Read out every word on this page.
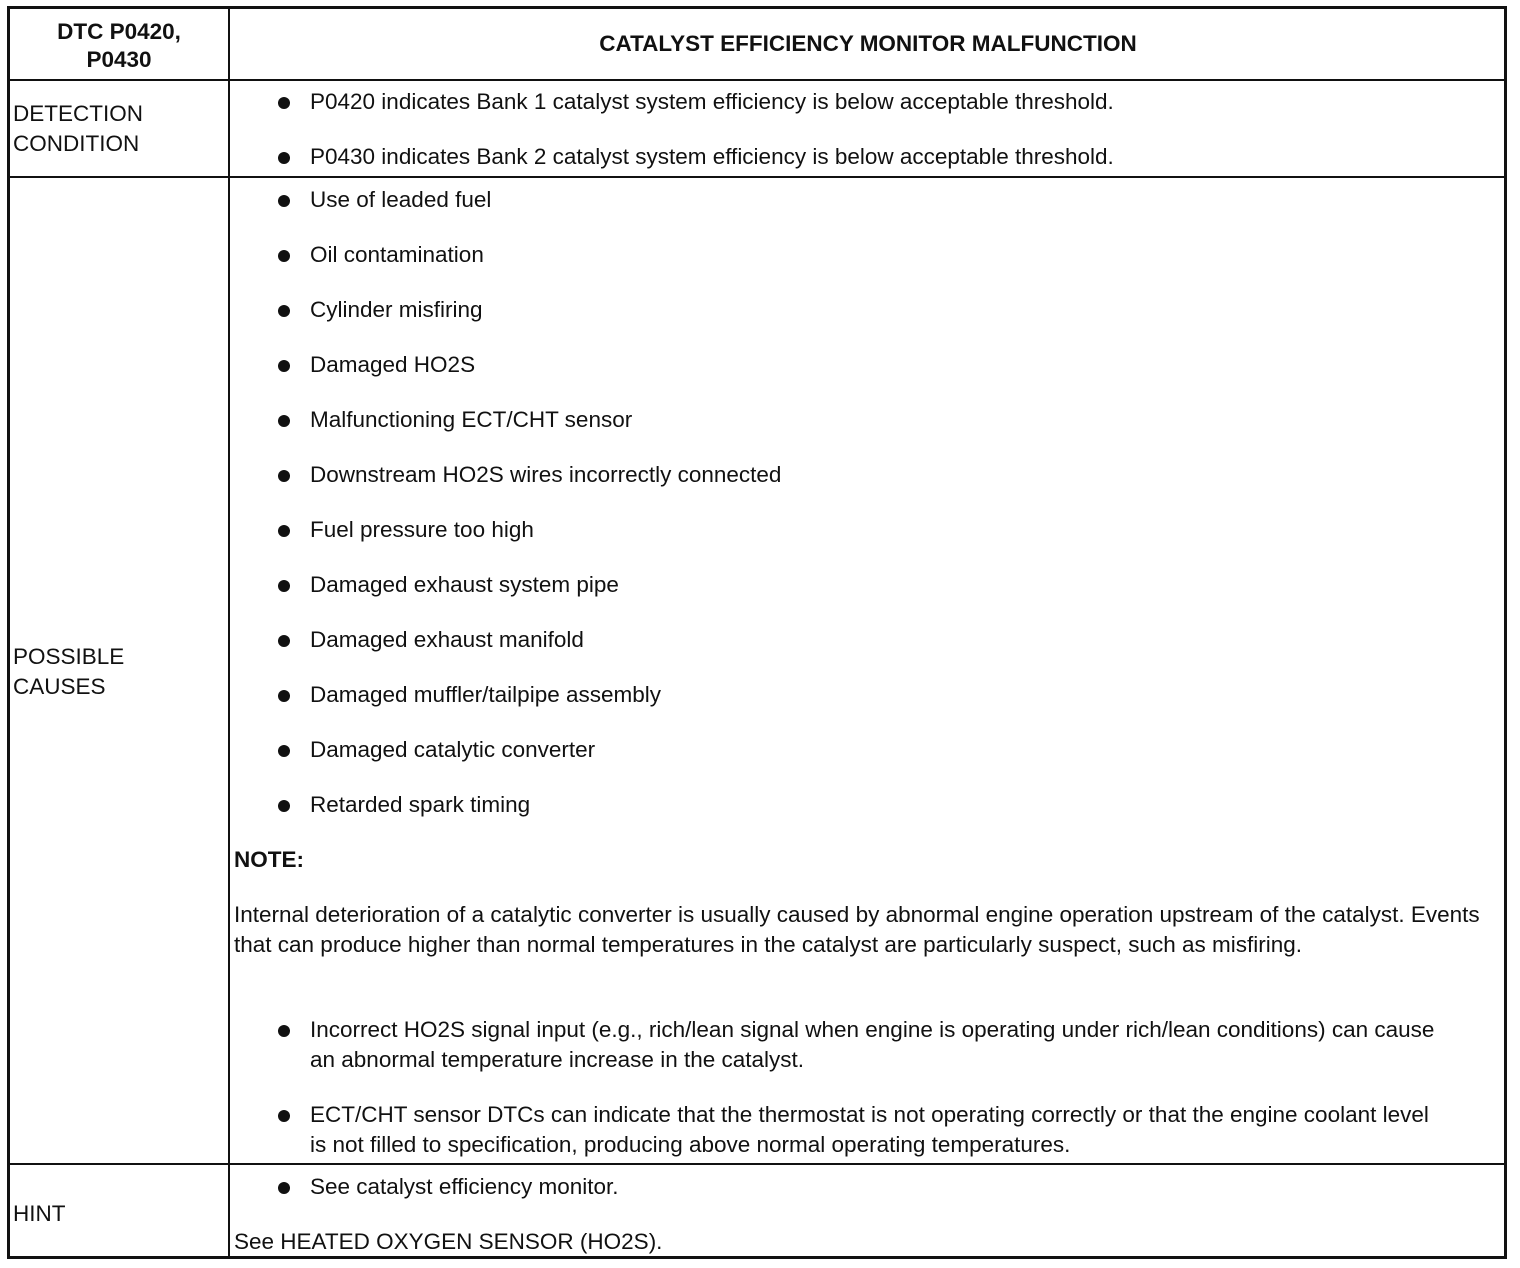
DTC P0420,
P0430
CATALYST EFFICIENCY MONITOR MALFUNCTION
DETECTION
CONDITION
P0420 indicates Bank 1 catalyst system efficiency is below acceptable threshold.
P0430 indicates Bank 2 catalyst system efficiency is below acceptable threshold.
POSSIBLE
CAUSES
Use of leaded fuel
Oil contamination
Cylinder misfiring
Damaged HO2S
Malfunctioning ECT/CHT sensor
Downstream HO2S wires incorrectly connected
Fuel pressure too high
Damaged exhaust system pipe
Damaged exhaust manifold
Damaged muffler/tailpipe assembly
Damaged catalytic converter
Retarded spark timing
NOTE:
Internal deterioration of a catalytic converter is usually caused by abnormal engine operation upstream of the catalyst. Events that can produce higher than normal temperatures in the catalyst are particularly suspect, such as misfiring.
Incorrect HO2S signal input (e.g., rich/lean signal when engine is operating under rich/lean conditions) can cause an abnormal temperature increase in the catalyst.
ECT/CHT sensor DTCs can indicate that the thermostat is not operating correctly or that the engine coolant level is not filled to specification, producing above normal operating temperatures.
HINT
See catalyst efficiency monitor.
See HEATED OXYGEN SENSOR (HO2S).
